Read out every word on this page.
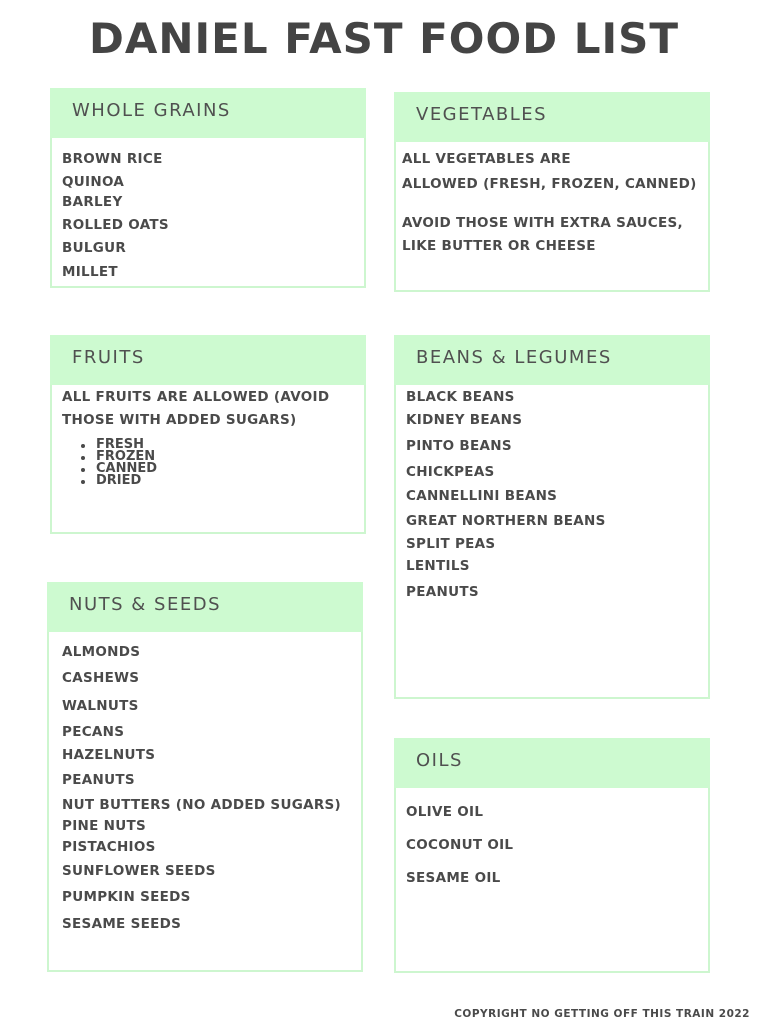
DANIEL FAST FOOD LIST
WHOLE GRAINS
BROWN RICE
QUINOA
BARLEY
ROLLED OATS
BULGUR
MILLET
VEGETABLES
ALL VEGETABLES ARE
ALLOWED (FRESH, FROZEN, CANNED)
AVOID THOSE WITH EXTRA SAUCES,
LIKE BUTTER OR CHEESE
FRUITS
ALL FRUITS ARE ALLOWED (AVOID
THOSE WITH ADDED SUGARS)
FRESH
FROZEN
CANNED
DRIED
BEANS & LEGUMES
BLACK BEANS
KIDNEY BEANS
PINTO BEANS
CHICKPEAS
CANNELLINI BEANS
GREAT NORTHERN BEANS
SPLIT PEAS
LENTILS
PEANUTS
NUTS & SEEDS
ALMONDS
CASHEWS
WALNUTS
PECANS
HAZELNUTS
PEANUTS
NUT BUTTERS (NO ADDED SUGARS)
PINE NUTS
PISTACHIOS
SUNFLOWER SEEDS
PUMPKIN SEEDS
SESAME SEEDS
OILS
OLIVE OIL
COCONUT OIL
SESAME OIL
COPYRIGHT NO GETTING OFF THIS TRAIN 2022
